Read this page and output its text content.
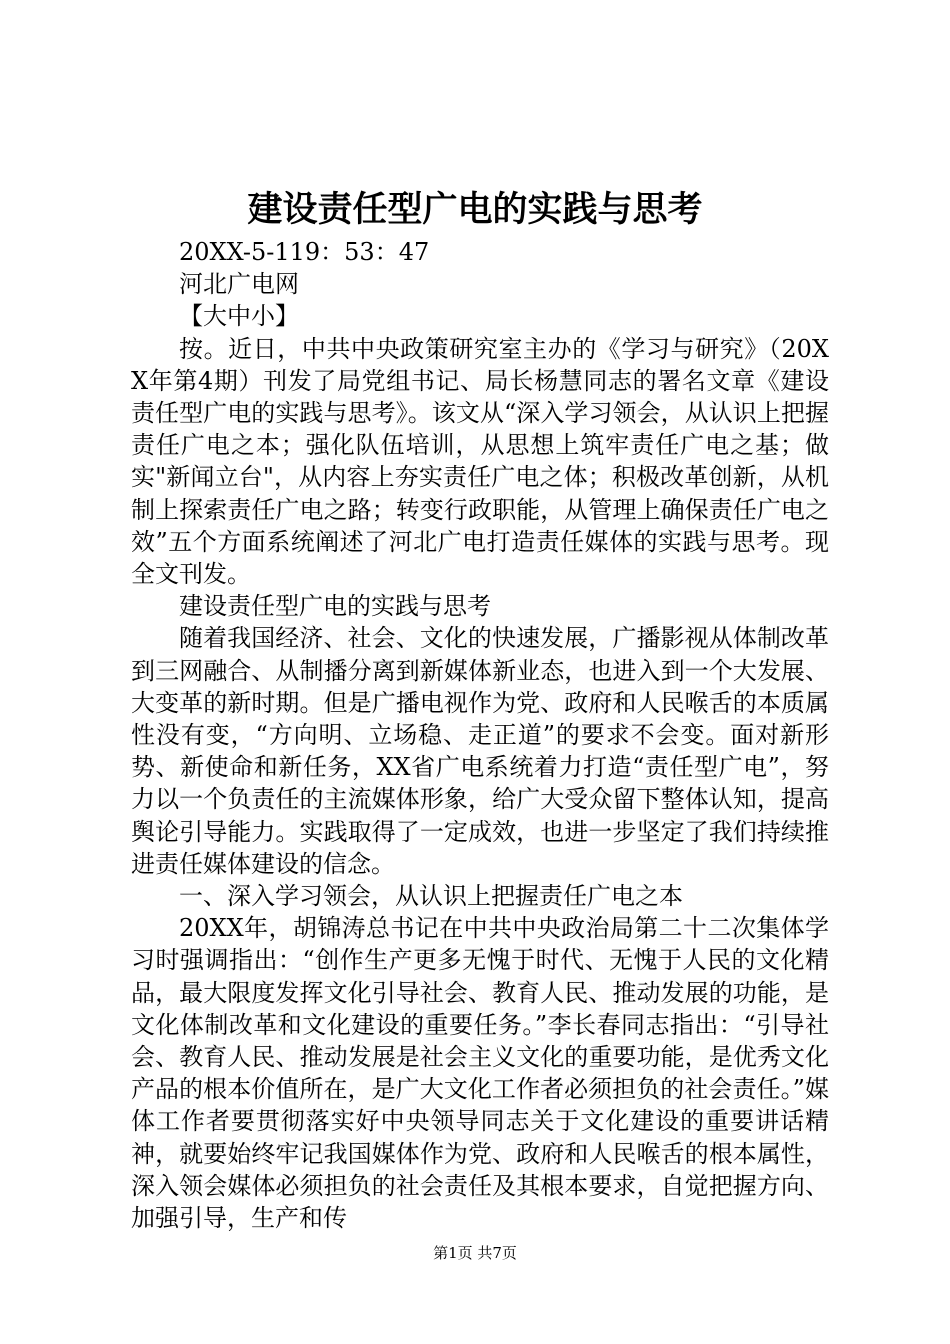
建设责任型广电的实践与思考

20XX-5-119：53：47

河北广电网

【大中小】

按。近日，中共中央政策研究室主办的《学习与研究》（20XX年第4期）刊发了局党组书记、局长杨慧同志的署名文章《建设责任型广电的实践与思考》。该文从“深入学习领会，从认识上把握责任广电之本；强化队伍培训，从思想上筑牢责任广电之基；做实"新闻立台"，从内容上夯实责任广电之体；积极改革创新，从机制上探索责任广电之路；转变行政职能，从管理上确保责任广电之效”五个方面系统阐述了河北广电打造责任媒体的实践与思考。现全文刊发。

建设责任型广电的实践与思考

随着我国经济、社会、文化的快速发展，广播影视从体制改革到三网融合、从制播分离到新媒体新业态，也进入到一个大发展、大变革的新时期。但是广播电视作为党、政府和人民喉舌的本质属性没有变，“方向明、立场稳、走正道”的要求不会变。面对新形势、新使命和新任务，XX省广电系统着力打造“责任型广电”，努力以一个负责任的主流媒体形象，给广大受众留下整体认知，提高舆论引导能力。实践取得了一定成效，也进一步坚定了我们持续推进责任媒体建设的信念。

一、深入学习领会，从认识上把握责任广电之本

20XX年，胡锦涛总书记在中共中央政治局第二十二次集体学习时强调指出：“创作生产更多无愧于时代、无愧于人民的文化精品，最大限度发挥文化引导社会、教育人民、推动发展的功能，是文化体制改革和文化建设的重要任务。”李长春同志指出：“引导社会、教育人民、推动发展是社会主义文化的重要功能，是优秀文化产品的根本价值所在，是广大文化工作者必须担负的社会责任。”媒体工作者要贯彻落实好中央领导同志关于文化建设的重要讲话精神，就要始终牢记我国媒体作为党、政府和人民喉舌的根本属性，深入领会媒体必须担负的社会责任及其根本要求，自觉把握方向、加强引导，生产和传

第1页 共7页
